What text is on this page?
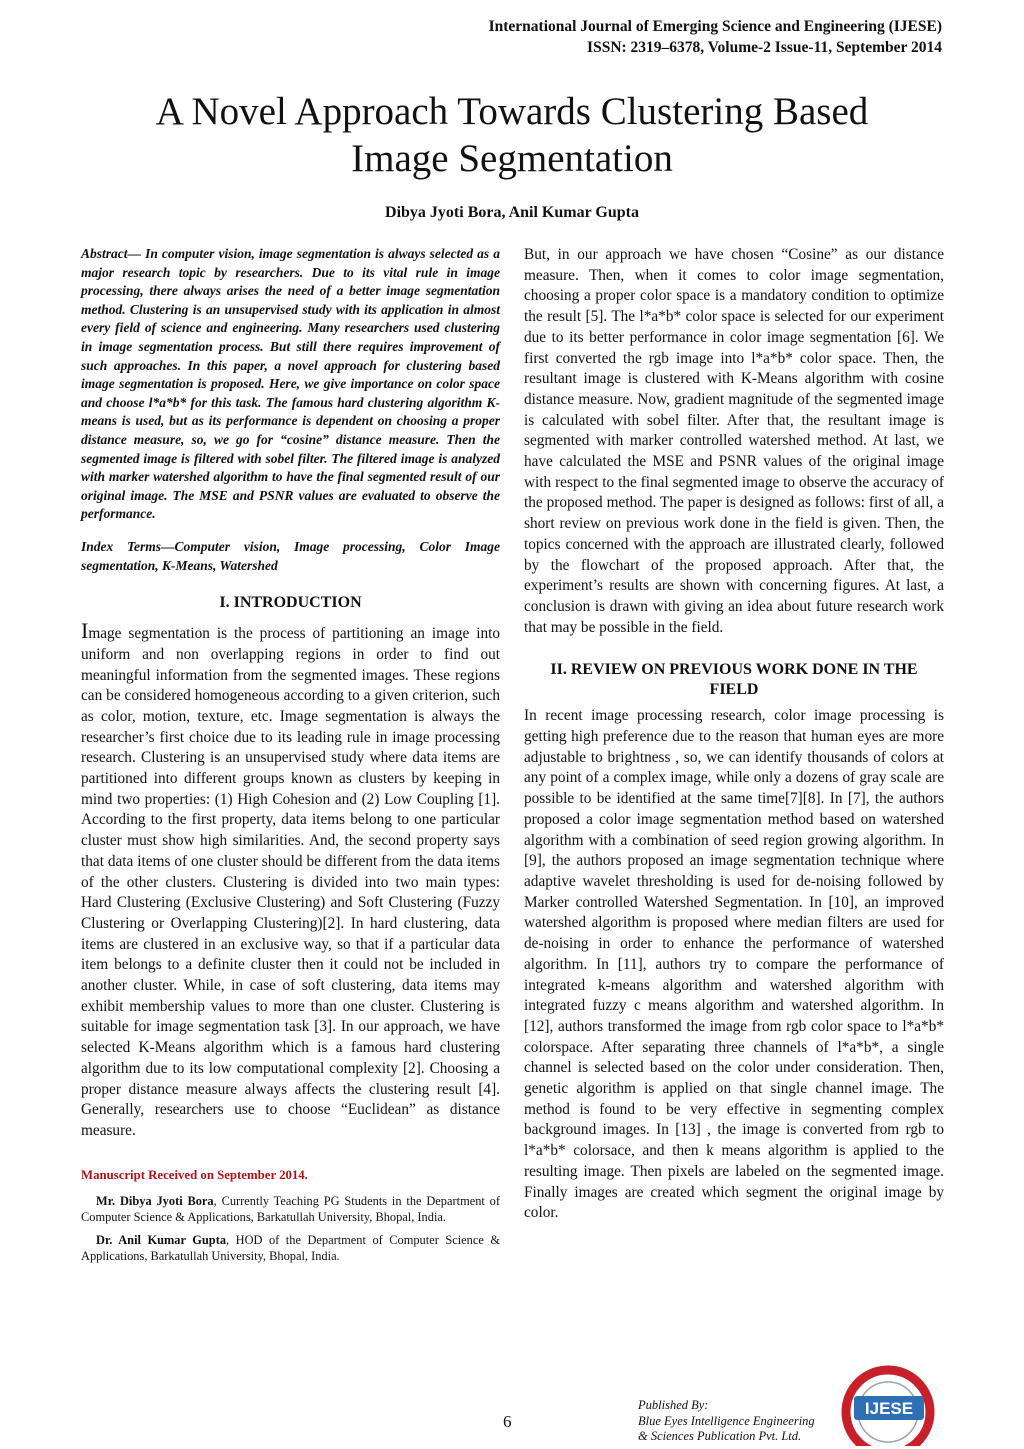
International Journal of Emerging Science and Engineering (IJESE)
ISSN: 2319–6378, Volume-2 Issue-11, September 2014
A Novel Approach Towards Clustering Based
Image Segmentation
Dibya Jyoti Bora, Anil Kumar Gupta

Abstract— In computer vision, image segmentation is always selected as a major research topic by researchers. Due to its vital rule in image processing, there always arises the need of a better image segmentation method. Clustering is an unsupervised study with its application in almost every field of science and engineering. Many researchers used clustering in image segmentation process. But still there requires improvement of such approaches. In this paper, a novel approach for clustering based image segmentation is proposed. Here, we give importance on color space and choose l*a*b* for this task. The famous hard clustering algorithm K-means is used, but as its performance is dependent on choosing a proper distance measure, so, we go for “cosine” distance measure. Then the segmented image is filtered with sobel filter. The filtered image is analyzed with marker watershed algorithm to have the final segmented result of our original image. The MSE and PSNR values are evaluated to observe the performance.

Index Terms—Computer vision, Image processing, Color Image segmentation, K-Means, Watershed

I. INTRODUCTION

Image segmentation is the process of partitioning an image into uniform and non overlapping regions in order to find out meaningful information from the segmented images. These regions can be considered homogeneous according to a given criterion, such as color, motion, texture, etc. Image segmentation is always the researcher’s first choice due to its leading rule in image processing research. Clustering is an unsupervised study where data items are partitioned into different groups known as clusters by keeping in mind two properties: (1) High Cohesion and (2) Low Coupling [1]. According to the first property, data items belong to one particular cluster must show high similarities. And, the second property says that data items of one cluster should be different from the data items of the other clusters. Clustering is divided into two main types: Hard Clustering (Exclusive Clustering) and Soft Clustering (Fuzzy Clustering or Overlapping Clustering)[2]. In hard clustering, data items are clustered in an exclusive way, so that if a particular data item belongs to a definite cluster then it could not be included in another cluster. While, in case of soft clustering, data items may exhibit membership values to more than one cluster. Clustering is suitable for image segmentation task [3]. In our approach, we have selected K-Means algorithm which is a famous hard clustering algorithm due to its low computational complexity [2]. Choosing a proper distance measure always affects the clustering result [4]. Generally, researchers use to choose “Euclidean” as distance measure.

Manuscript Received on September 2014.

Mr. Dibya Jyoti Bora, Currently Teaching PG Students in the Department of Computer Science & Applications, Barkatullah University, Bhopal, India.

Dr. Anil Kumar Gupta, HOD of the Department of Computer Science & Applications, Barkatullah University, Bhopal, India.

But, in our approach we have chosen “Cosine” as our distance measure. Then, when it comes to color image segmentation, choosing a proper color space is a mandatory condition to optimize the result [5]. The l*a*b* color space is selected for our experiment due to its better performance in color image segmentation [6]. We first converted the rgb image into l*a*b* color space. Then, the resultant image is clustered with K-Means algorithm with cosine distance measure. Now, gradient magnitude of the segmented image is calculated with sobel filter. After that, the resultant image is segmented with marker controlled watershed method. At last, we have calculated the MSE and PSNR values of the original image with respect to the final segmented image to observe the accuracy of the proposed method. The paper is designed as follows: first of all, a short review on previous work done in the field is given. Then, the topics concerned with the approach are illustrated clearly, followed by the flowchart of the proposed approach. After that, the experiment’s results are shown with concerning figures. At last, a conclusion is drawn with giving an idea about future research work that may be possible in the field.

II. REVIEW ON PREVIOUS WORK DONE IN THE FIELD

In recent image processing research, color image processing is getting high preference due to the reason that human eyes are more adjustable to brightness , so, we can identify thousands of colors at any point of a complex image, while only a dozens of gray scale are possible to be identified at the same time[7][8]. In [7], the authors proposed a color image segmentation method based on watershed algorithm with a combination of seed region growing algorithm. In [9], the authors proposed an image segmentation technique where adaptive wavelet thresholding is used for de-noising followed by Marker controlled Watershed Segmentation. In [10], an improved watershed algorithm is proposed where median filters are used for de-noising in order to enhance the performance of watershed algorithm. In [11], authors try to compare the performance of integrated k-means algorithm and watershed algorithm with integrated fuzzy c means algorithm and watershed algorithm. In [12], authors transformed the image from rgb color space to l*a*b* colorspace. After separating three channels of l*a*b*, a single channel is selected based on the color under consideration. Then, genetic algorithm is applied on that single channel image. The method is found to be very effective in segmenting complex background images. In [13] , the image is converted from rgb to l*a*b* colorsace, and then k means algorithm is applied to the resulting image. Then pixels are labeled on the segmented image. Finally images are created which segment the original image by color.

6
Published By:
Blue Eyes Intelligence Engineering
& Sciences Publication Pvt. Ltd.
IJESE
